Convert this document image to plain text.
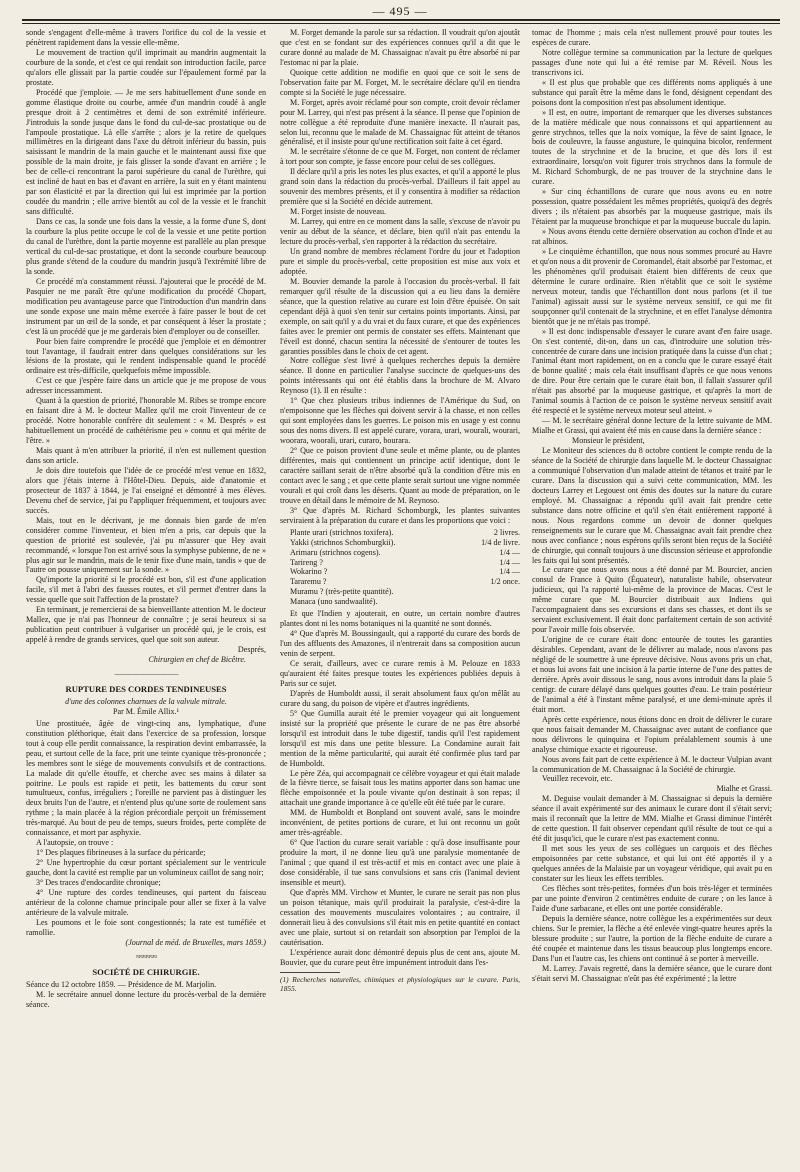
— 495 —

sonde s'engagent d'elle-même à travers l'orifice du col de la vessie et pénètrent rapidement dans la vessie elle-même.

Le mouvement de traction qu'il imprimait au mandrin augmentait la courbure de la sonde, et c'est ce qui rendait son introduction facile, parce qu'alors elle glissait par la partie coudée sur l'épaulement formé par la prostate.

Procédé que j'emploie. — Je me sers habituellement d'une sonde en gomme élastique droite ou courbe, armée d'un mandrin coudé à angle presque droit à 2 centimètres et demi de son extrémité inférieure. J'introduis la sonde jusque dans le fond du cul-de-sac prostatique ou de l'ampoule prostatique. Là elle s'arrête ; alors je la retire de quelques millimètres en la dirigeant dans l'axe du détroit inférieur du bassin, puis saisissant le mandrin de la main gauche et le maintenant aussi fixe que possible de la main droite, je fais glisser la sonde d'avant en arrière ; le bec de celle-ci rencontrant la paroi supérieure du canal de l'urèthre, qui est incliné de haut en bas et d'avant en arrière, la suit en y étant maintenu par son élasticité et par la direction qui lui est imprimée par la portion coudée du mandrin ; elle arrive bientôt au col de la vessie et le franchit sans difficulté.

Dans ce cas, la sonde une fois dans la vessie, a la forme d'une S, dont la courbure la plus petite occupe le col de la vessie et une petite portion du canal de l'urèthre, dont la partie moyenne est parallèle au plan presque vertical du cul-de-sac prostatique, et dont la seconde courbure beaucoup plus grande s'étend de la coudure du mandrin jusqu'à l'extrémité libre de la sonde.

Ce procédé m'a constamment réussi. J'ajouterai que le procédé de M. Pasquier ne me paraît être qu'une modification du procédé Chopart, modification peu avantageuse parce que l'introduction d'un mandrin dans une sonde expose une main même exercée à faire passer le bout de cet instrument par un œil de la sonde, et par conséquent à léser la prostate ; c'est là un procédé que je me garderais bien d'employer ou de conseiller.

Pour bien faire comprendre le procédé que j'emploie et en démontrer tout l'avantage, il faudrait entrer dans quelques considérations sur les lésions de la prostate, qui le rendent indispensable quand le procédé ordinaire est très-difficile, quelquefois même impossible.

C'est ce que j'espère faire dans un article que je me propose de vous adresser incessamment.

Quant à la question de priorité, l'honorable M. Ribes se trompe encore en faisant dire à M. le docteur Mallez qu'il me croit l'inventeur de ce procédé. Notre honorable confrère dit seulement : « M. Després » est habituellement un procédé de cathétérisme peu » connu et qui mérite de l'être. »

Mais quant à m'en attribuer la priorité, il n'en est nullement question dans son article.

Je dois dire toutefois que l'idée de ce procédé m'est venue en 1832, alors que j'étais interne à l'Hôtel-Dieu. Depuis, aide d'anatomie et prosecteur de 1837 à 1844, je l'ai enseigné et démontré à mes élèves. Devenu chef de service, j'ai pu l'appliquer fréquemment, et toujours avec succès.

Mais, tout en le décrivant, je me donnais bien garde de m'en considérer comme l'inventeur, et bien m'en a pris, car depuis que la question de priorité est soulevée, j'ai pu m'assurer que Hey avait recommandé, « lorsque l'on est arrivé sous la symphyse pubienne, de ne » plus agir sur le mandrin, mais de le tenir fixe d'une main, tandis » que de l'autre on pousse uniquement sur la sonde. »

Qu'importe la priorité si le procédé est bon, s'il est d'une application facile, s'il met à l'abri des fausses routes, et s'il permet d'entrer dans la vessie quelle que soit l'affection de la prostate?

En terminant, je remercierai de sa bienveillante attention M. le docteur Mallez, que je n'ai pas l'honneur de connaître ; je serai heureux si sa publication peut contribuer à vulgariser un procédé qui, je le crois, est appelé à rendre de grands services, quel que soit son auteur.

Després,

Chirurgien en chef de Bicêtre.

—————————

RUPTURE DES CORDES TENDINEUSES

d'une des colonnes charnues de la valvule mitrale.

Par M. Émile Allix.¹

Une prostituée, âgée de vingt-cinq ans, lymphatique, d'une constitution pléthorique, était dans l'exercice de sa profession, lorsque tout à coup elle perdit connaissance, la respiration devint embarrassée, la peau, et surtout celle de la face, prit une teinte cyanique très-prononcée ; les membres sont le siège de mouvements convulsifs et de contractions. La malade dit qu'elle étouffe, et cherche avec ses mains à dilater sa poitrine. Le pouls est rapide et petit, les battements du cœur sont tumultueux, confus, irréguliers ; l'oreille ne parvient pas à distinguer les deux bruits l'un de l'autre, et n'entend plus qu'une sorte de roulement sans rythme ; la main placée à la région précordiale perçoit un frémissement très-marqué. Au bout de peu de temps, sueurs froides, perte complète de connaissance, et mort par asphyxie.

A l'autopsie, on trouve :

1° Des plaques fibrineuses à la surface du péricarde;

2° Une hypertrophie du cœur portant spécialement sur le ventricule gauche, dont la cavité est remplie par un volumineux caillot de sang noir;

3° Des traces d'endocardite chronique;

4° Une rupture des cordes tendineuses, qui partent du faisceau antérieur de la colonne charnue principale pour aller se fixer à la valve antérieure de la valvule mitrale.

Les poumons et le foie sont congestionnés; la rate est tuméfiée et ramollie.

(Journal de méd. de Bruxelles, mars 1859.)

≈≈≈≈≈≈

SOCIÉTÉ DE CHIRURGIE.

Séance du 12 octobre 1859. — Présidence de M. Marjolin.

M. le secrétaire annuel donne lecture du procès-verbal de la dernière séance.

M. Forget demande la parole sur sa rédaction. Il voudrait qu'on ajoutât que c'est en se fondant sur des expériences connues qu'il a dit que le curare donné au malade de M. Chassaignac n'avait pu être absorbé ni par l'estomac ni par la plaie.

Quoique cette addition ne modifie en quoi que ce soit le sens de l'observation faite par M. Forget, M. le secrétaire déclare qu'il en tiendra compte si la Société le juge nécessaire.

M. Forget, après avoir réclamé pour son compte, croit devoir réclamer pour M. Larrey, qui n'est pas présent à la séance. Il pense que l'opinion de notre collègue a été reproduite d'une manière inexacte. Il n'aurait pas, selon lui, reconnu que le malade de M. Chassaignac fût atteint de tétanos généralisé, et il insiste pour qu'une rectification soit faite à cet égard.

M. le secrétaire s'étonne de ce que M. Forget, non content de réclamer à tort pour son compte, je fasse encore pour celui de ses collègues.

Il déclare qu'il a pris les notes les plus exactes, et qu'il a apporté le plus grand soin dans la rédaction du procès-verbal. D'ailleurs il fait appel au souvenir des membres présents, et il y consentira à modifier sa rédaction première que si la Société en décide autrement.

M. Forget insiste de nouveau.

M. Larrey, qui entre en ce moment dans la salle, s'excuse de n'avoir pu venir au début de la séance, et déclare, bien qu'il n'ait pas entendu la lecture du procès-verbal, s'en rapporter à la rédaction du secrétaire.

Un grand nombre de membres réclament l'ordre du jour et l'adoption pure et simple du procès-verbal, cette proposition est mise aux voix et adoptée.

M. Bouvier demande la parole à l'occasion du procès-verbal. Il fait remarquer qu'il résulte de la discussion qui a eu lieu dans la dernière séance, que la question relative au curare est loin d'être épuisée. On sait cependant déjà à quoi s'en tenir sur certains points importants. Ainsi, par exemple, on sait qu'il y a du vrai et du faux curare, et que des expériences faites avec le premier ont permis de constater ses effets. Maintenant que l'éveil est donné, chacun sentira la nécessité de s'entourer de toutes les garanties possibles dans le choix de cet agent.

Notre collègue s'est livré à quelques recherches depuis la dernière séance. Il donne en particulier l'analyse succincte de quelques-uns des points intéressants qui ont été établis dans la brochure de M. Alvaro Reynoso (1). Il en résulte :

1° Que chez plusieurs tribus indiennes de l'Amérique du Sud, on n'empoisonne que les flèches qui doivent servir à la chasse, et non celles qui sont employées dans les guerres. Le poison mis en usage y est connu sous des noms divers. Il est appelé curare, vorara, urari, wourali, wourari, woorara, woorali, urari, curaro, bourara.

2° Que ce poison provient d'une seule et même plante, ou de plantes différentes, mais qui contiennent un principe actif identique, dont le caractère saillant serait de n'être absorbé qu'à la condition d'être mis en contact avec le sang ; et que cette plante serait surtout une vigne nommée vourali et qui croît dans les déserts. Quant au mode de préparation, on le trouve en détail dans le mémoire de M. Reynoso.

3° Que d'après M. Richard Schomburgk, les plantes suivantes serviraient à la préparation du curare et dans les proportions que voici :

Plante urari (strichnos toxifera).	2 livres.
Yakki (strichnos Schomburgkii).	1/4 de livre.
Arimaru (strichnos cogens).	1/4 —
Tarireng ?	1/4 —
Wokarino ?	1/4 —
Tararemu ?	1/2 once.
Muramu ? (très-petite quantité).
Manaca (uno sandwaalité).

Et que l'Indien y ajouterait, en outre, un certain nombre d'autres plantes dont ni les noms botaniques ni la quantité ne sont donnés.

4° Que d'après M. Boussingault, qui a rapporté du curare des bords de l'un des affluents des Amazones, il n'entrerait dans sa composition aucun venin de serpent.

Ce serait, d'ailleurs, avec ce curare remis à M. Pelouze en 1833 qu'auraient été faites presque toutes les expériences publiées depuis à Paris sur ce sujet.

D'après de Humboldt aussi, il serait absolument faux qu'on mêlât au curare du sang, du poison de vipère et d'autres ingrédients.

5° Que Gumilla aurait été le premier voyageur qui ait longuement insisté sur la propriété que présente le curare de ne pas être absorbé lorsqu'il est introduit dans le tube digestif, tandis qu'il l'est rapidement lorsqu'il est mis dans une petite blessure. La Condamine aurait fait mention de la même particularité, qui aurait été confirmée plus tard par de Humboldt.

Le père Zéa, qui accompagnait ce célèbre voyageur et qui était malade de la fièvre tierce, se faisait tous les matins apporter dans son hamac une flèche empoisonnée et la poule vivante qu'on destinait à son repas; il attachait une grande importance à ce qu'elle eût été tuée par le curare.

MM. de Humboldt et Bonpland ont souvent avalé, sans le moindre inconvénient, de petites portions de curare, et lui ont reconnu un goût amer très-agréable.

6° Que l'action du curare serait variable : qu'à dose insuffisante pour produire la mort, il ne donne lieu qu'à une paralysie momentanée de l'animal ; que quand il est très-actif et mis en contact avec une plaie à dose considérable, il tue sans convulsions et sans cris (l'animal devient insensible et meurt).

Que d'après MM. Virchow et Munter, le curare ne serait pas non plus un poison tétanique, mais qu'il produirait la paralysie, c'est-à-dire la cessation des mouvements musculaires volontaires ; au contraire, il donnerait lieu à des convulsions s'il était mis en petite quantité en contact avec une plaie, surtout si on retardait son absorption par l'emploi de la cautérisation.

L'expérience aurait donc démontré depuis plus de cent ans, ajoute M. Bouvier, que du curare peut être impunément introduit dans l'es-

(1) Recherches naturelles, chimiques et physiologiques sur le curare. Paris, 1855.

tomac de l'homme ; mais cela n'est nullement prouvé pour toutes les espèces de curare.

Notre collègue termine sa communication par la lecture de quelques passages d'une note qui lui a été remise par M. Réveil. Nous les transcrivons ici.

« Il est plus que probable que ces différents noms appliqués à une substance qui paraît être la même dans le fond, désignent cependant des poisons dont la composition n'est pas absolument identique.

» Il est, en outre, important de remarquer que les diverses substances de la matière médicale que nous connaissons et qui appartiennent au genre strychnos, telles que la noix vomique, la fève de saint Ignace, le bois de couleuvre, la fausse angusture, le quinquina bicolor, renferment toutes de la strychnine et de la brucine, et que dès lors il est extraordinaire, lorsqu'on voit figurer trois strychnos dans la formule de M. Richard Schomburgk, de ne pas trouver de la strychnine dans le curare.

» Sur cinq échantillons de curare que nous avons eu en notre possession, quatre possédaient les mêmes propriétés, quoiqu'à des degrés divers ; ils n'étaient pas absorbés par la muqueuse gastrique, mais ils l'étaient par la muqueuse bronchique et par la muqueuse buccale du lapin.

» Nous avons étendu cette dernière observation au cochon d'Inde et au rat albinos.

» Le cinquième échantillon, que nous nous sommes procuré au Havre et qu'on nous a dit provenir de Coromandel, était absorbé par l'estomac, et les phénomènes qu'il produisait étaient bien différents de ceux que détermine le curare ordinaire. Rien n'établit que ce soit le système nerveux moteur, tandis que l'échantillon dont nous parlons (et il tue l'animal) agissait aussi sur le système nerveux sensitif, ce qui me fit soupçonner qu'il contenait de la strychnine, et en effet l'analyse démontra bientôt que je ne m'étais pas trompé.

» Il est donc indispensable d'essayer le curare avant d'en faire usage. On s'est contenté, dit-on, dans un cas, d'introduire une solution très-concentrée de curare dans une incision pratiquée dans la cuisse d'un chat ; l'animal étant mort rapidement, on en a conclu que le curare essayé était de bonne qualité ; mais cela était insuffisant d'après ce que nous venons de dire. Pour être certain que le curare était bon, il fallait s'assurer qu'il n'était pas absorbé par la muqueuse gastrique, et qu'après la mort de l'animal soumis à l'action de ce poison le système nerveux sensitif avait été respecté et le système nerveux moteur seul atteint. »

— M. le secrétaire général donne lecture de la lettre suivante de MM. Mialhe et Grassi, qui avaient été mis en cause dans la dernière séance :

Monsieur le président,

Le Moniteur des sciences du 8 octobre contient le compte rendu de la séance de la Société de chirurgie dans laquelle M. le docteur Chassaignac a communiqué l'observation d'un malade atteint de tétanos et traité par le curare. Dans la discussion qui a suivi cette communication, MM. les docteurs Larrey et Legouest ont émis des doutes sur la nature du curare employé. M. Chassaignac a répondu qu'il avait fait prendre cette substance dans notre officine et qu'il s'en était entièrement rapporté à nous. Nous regardons comme un devoir de donner quelques renseignements sur le curare que M. Chassaignac avait fait prendre chez nous avec confiance ; nous espérons qu'ils seront bien reçus de la Société de chirurgie, qui connaît toujours à une discussion sérieuse et approfondie les faits qui lui sont présentés.

Le curare que nous avons nous a été donné par M. Bourcier, ancien consul de France à Quito (Équateur), naturaliste habile, observateur judicieux, qui l'a rapporté lui-même de la province de Macas. C'est le même curare que M. Bourcier distribuait aux Indiens qui l'accompagnaient dans ses excursions et dans ses chasses, et dont ils se servaient exclusivement. Il était donc parfaitement certain de son activité pour l'avoir mille fois observée.

L'origine de ce curare était donc entourée de toutes les garanties désirables. Cependant, avant de le délivrer au malade, nous n'avons pas négligé de le soumettre à une épreuve décisive. Nous avons pris un chat, et nous lui avons fait une incision à la partie interne de l'une des pattes de derrière. Après avoir dissous le sang, nous avons introduit dans la plaie 5 centigr. de curare délayé dans quelques gouttes d'eau. Le train postérieur de l'animal a été à l'instant même paralysé, et une demi-minute après il était mort.

Après cette expérience, nous étions donc en droit de délivrer le curare que nous faisait demander M. Chassaignac avec autant de confiance que nous délivrons le quinquina et l'opium préalablement soumis à une analyse chimique exacte et rigoureuse.

Nous avons fait part de cette expérience à M. le docteur Vulpian avant la communication de M. Chassaignac à la Société de chirurgie.

Veuillez recevoir, etc.

Mialhe et Grassi.

M. Deguise voulait demander à M. Chassaignac si depuis la dernière séance il avait expérimenté sur des animaux le curare dont il s'était servi; mais il reconnaît que la lettre de MM. Mialhe et Grassi diminue l'intérêt de cette question. Il fait observer cependant qu'il résulte de tout ce qui a été dit jusqu'ici, que le curare n'est pas exactement connu.

Il met sous les yeux de ses collègues un carquois et des flèches empoisonnées par cette substance, et qui lui ont été apportés il y a quelques années de la Malaisie par un voyageur véridique, qui avait pu en constater sur les lieux les effets terribles.

Ces flèches sont très-petites, formées d'un bois très-léger et terminées par une pointe d'environ 2 centimètres enduite de curare ; on les lance à l'aide d'une sarbacane, et elles ont une portée considérable.

Depuis la dernière séance, notre collègue les a expérimentées sur deux chiens. Sur le premier, la flèche a été enlevée vingt-quatre heures après la blessure produite ; sur l'autre, la portion de la flèche enduite de curare a été coupée et maintenue dans les tissus beaucoup plus longtemps encore. Dans l'un et l'autre cas, les chiens ont continué à se porter à merveille.

M. Larrey. J'avais regretté, dans la dernière séance, que le curare dont s'était servi M. Chassaignac n'eût pas été expérimenté ; la lettre
